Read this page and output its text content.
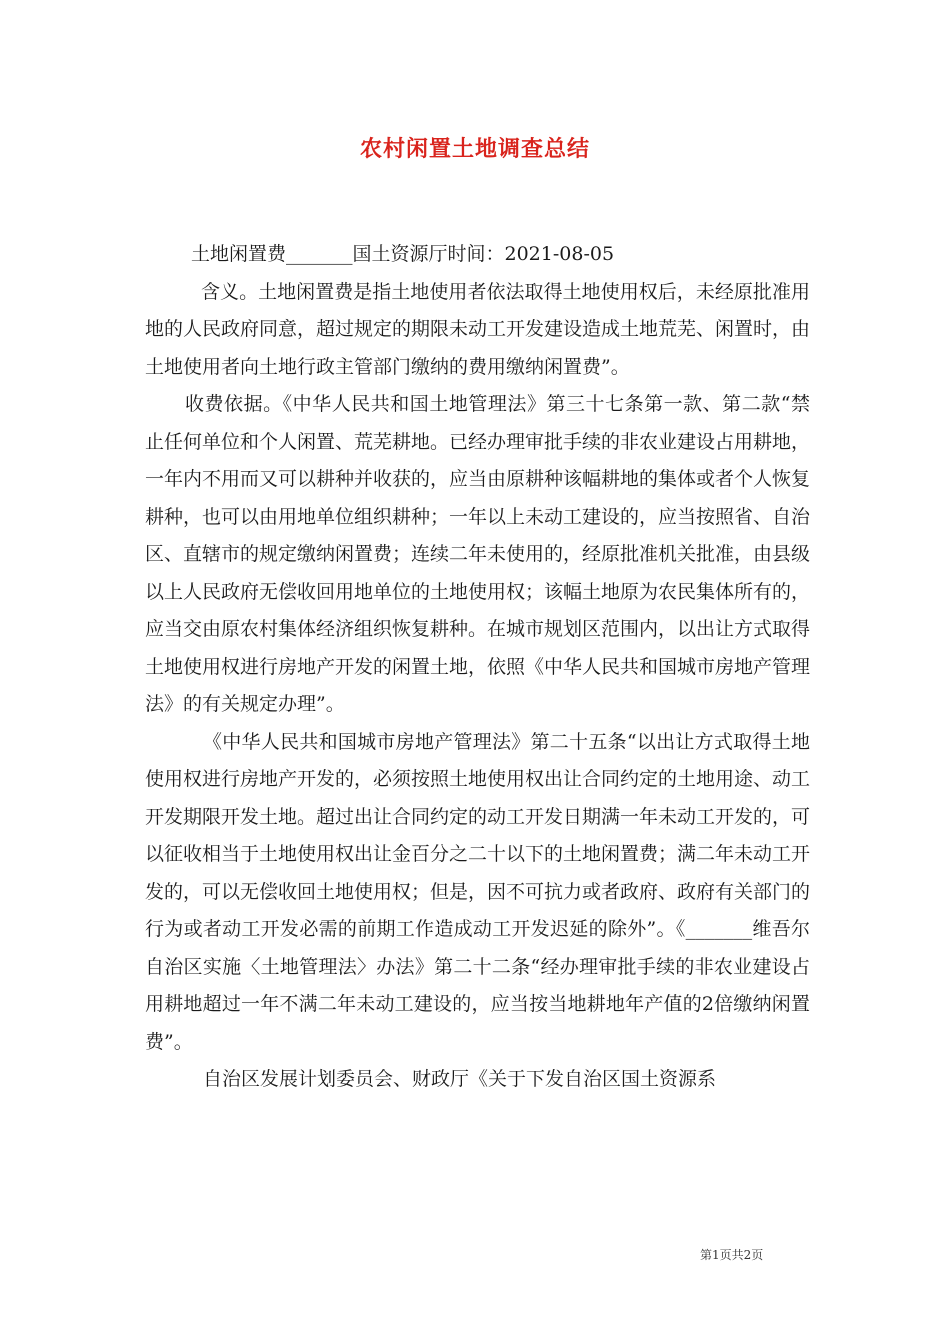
农村闲置土地调查总结

土地闲置费_______国土资源厅时间：2021-08-05

含义。土地闲置费是指土地使用者依法取得土地使用权后，未经原批准用地的人民政府同意，超过规定的期限未动工开发建设造成土地荒芜、闲置时，由土地使用者向土地行政主管部门缴纳的费用缴纳闲置费”。

收费依据。《中华人民共和国土地管理法》第三十七条第一款、第二款“禁止任何单位和个人闲置、荒芜耕地。已经办理审批手续的非农业建设占用耕地，一年内不用而又可以耕种并收获的，应当由原耕种该幅耕地的集体或者个人恢复耕种，也可以由用地单位组织耕种；一年以上未动工建设的，应当按照省、自治区、直辖市的规定缴纳闲置费；连续二年未使用的，经原批准机关批准，由县级以上人民政府无偿收回用地单位的土地使用权；该幅土地原为农民集体所有的，应当交由原农村集体经济组织恢复耕种。在城市规划区范围内，以出让方式取得土地使用权进行房地产开发的闲置土地，依照《中华人民共和国城市房地产管理法》的有关规定办理”。

《中华人民共和国城市房地产管理法》第二十五条“以出让方式取得土地使用权进行房地产开发的，必须按照土地使用权出让合同约定的土地用途、动工开发期限开发土地。超过出让合同约定的动工开发日期满一年未动工开发的，可以征收相当于土地使用权出让金百分之二十以下的土地闲置费；满二年未动工开发的，可以无偿收回土地使用权；但是，因不可抗力或者政府、政府有关部门的行为或者动工开发必需的前期工作造成动工开发迟延的除外”。《_______维吾尔自治区实施〈土地管理法〉办法》第二十二条“经办理审批手续的非农业建设占用耕地超过一年不满二年未动工建设的，应当按当地耕地年产值的2倍缴纳闲置费”。

自治区发展计划委员会、财政厅《关于下发自治区国土资源系

第1页共2页
